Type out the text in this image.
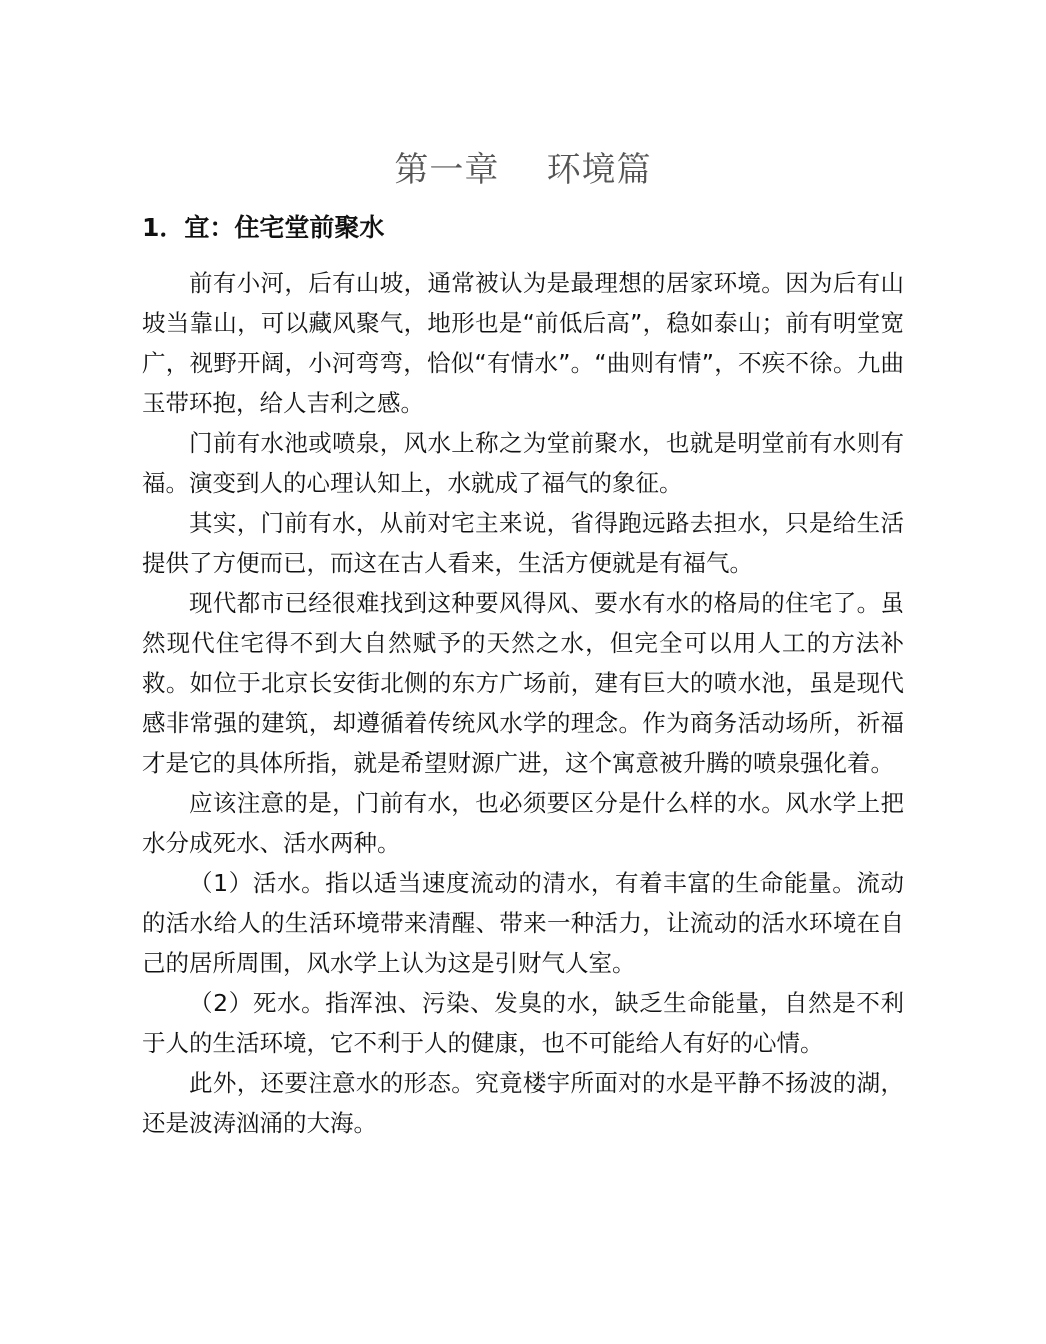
第一章    环境篇
1．宜：住宅堂前聚水

前有小河，后有山坡，通常被认为是最理想的居家环境。因为后有山坡当靠山，可以藏风聚气，地形也是“前低后高”，稳如泰山；前有明堂宽广，视野开阔，小河弯弯，恰似“有情水”。“曲则有情”，不疾不徐。九曲玉带环抱，给人吉利之感。

门前有水池或喷泉，风水上称之为堂前聚水，也就是明堂前有水则有福。演变到人的心理认知上，水就成了福气的象征。

其实，门前有水，从前对宅主来说，省得跑远路去担水，只是给生活提供了方便而已，而这在古人看来，生活方便就是有福气。

现代都市已经很难找到这种要风得风、要水有水的格局的住宅了。虽然现代住宅得不到大自然赋予的天然之水，但完全可以用人工的方法补救。如位于北京长安街北侧的东方广场前，建有巨大的喷水池，虽是现代感非常强的建筑，却遵循着传统风水学的理念。作为商务活动场所，祈福才是它的具体所指，就是希望财源广进，这个寓意被升腾的喷泉强化着。

应该注意的是，门前有水，也必须要区分是什么样的水。风水学上把水分成死水、活水两种。

（1）活水。指以适当速度流动的清水，有着丰富的生命能量。流动的活水给人的生活环境带来清醒、带来一种活力，让流动的活水环境在自己的居所周围，风水学上认为这是引财气人室。

（2）死水。指浑浊、污染、发臭的水，缺乏生命能量，自然是不利于人的生活环境，它不利于人的健康，也不可能给人有好的心情。

此外，还要注意水的形态。究竟楼宇所面对的水是平静不扬波的湖，还是波涛汹涌的大海。
